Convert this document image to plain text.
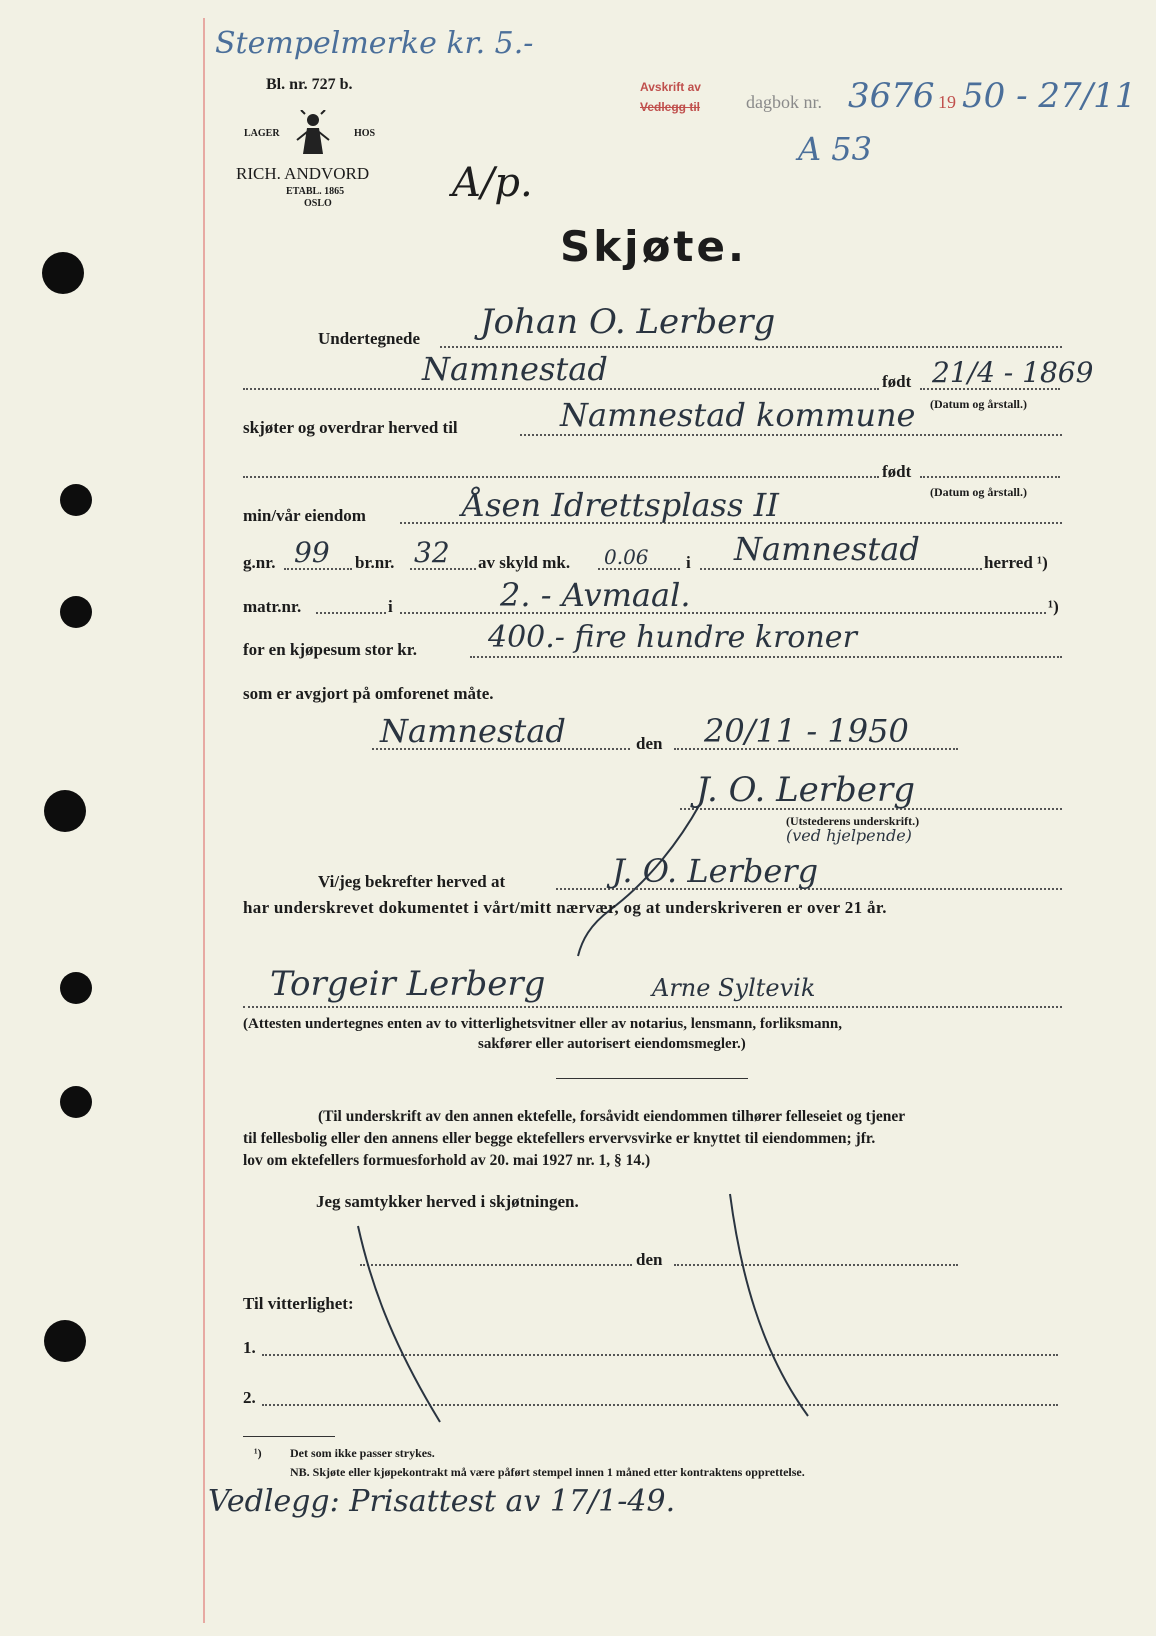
Stempelmerke kr. 5.-
Bl. nr. 727 b.
LAGER	HOS
RICH. ANDVORD
ETABL. 1865
OSLO
Avskrift av
Vedlegg til	dagbok nr. 3676 19 50 - 27/11
A 53
A/p.
Skjøte.
Undertegnede Johan O. Lerberg
Namnestad	født 21/4 - 1869
(Datum og årstall.)
skjøter og overdrar herved til	Namnestad kommune
født
(Datum og årstall.)
min/vår eiendom	Åsen Idrettsplass II
g.nr. 99 br.nr. 32 av skyld mk. 0.06 i Namnestad	herred ¹)
matr.nr.	i	2. - Avmaal.	¹)
for en kjøpesum stor kr. 400.- fire hundre kroner
som er avgjort på omforenet måte.
Namnestad	den 20/11 - 1950
J. O. Lerberg
(Utstederens underskrift.)
(ved hjelpende)
Vi/jeg bekrefter herved at	J. O. Lerberg
har underskrevet dokumentet i vårt/mitt nærvær, og at underskriveren er over 21 år.
Torgeir Lerberg	Arne Syltevik
(Attesten undertegnes enten av to vitterlighetsvitner eller av notarius, lensmann, forliksmann,
sakfører eller autorisert eiendomsmegler.)
(Til underskrift av den annen ektefelle, forsåvidt eiendommen tilhører felleseiet og tjener
til fellesbolig eller den annens eller begge ektefellers ervervsvirke er knyttet til eiendommen; jfr.
lov om ektefellers formuesforhold av 20. mai 1927 nr. 1, § 14.)
Jeg samtykker herved i skjøtningen.
den
Til vitterlighet:
1.
2.
¹) Det som ikke passer strykes.
NB. Skjøte eller kjøpekontrakt må være påført stempel innen 1 måned etter kontraktens opprettelse.
Vedlegg: Prisattest av 17/1-49.
